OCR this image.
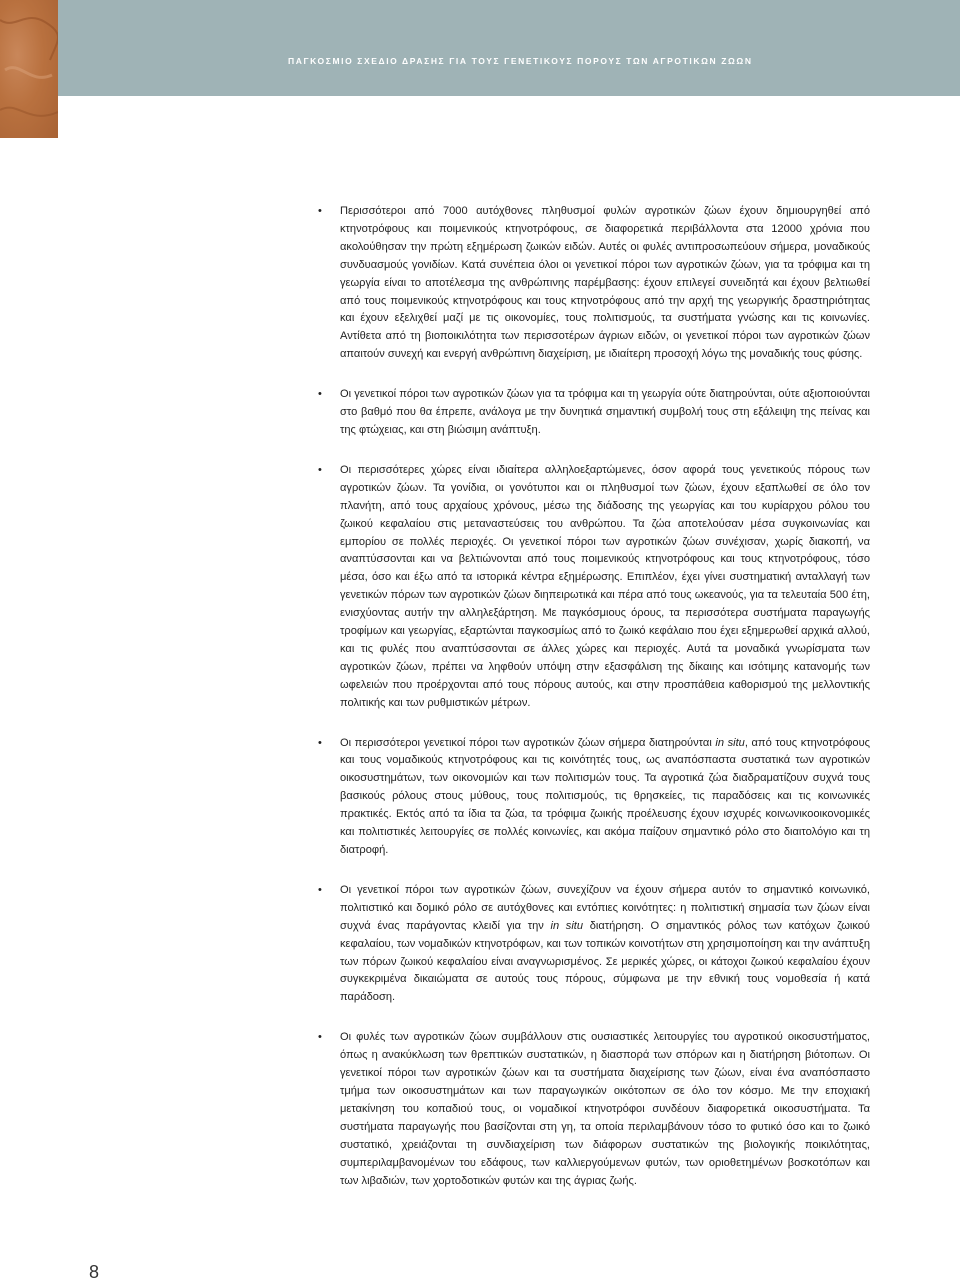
ΠΑΓΚΟΣΜΙΟ ΣΧΕΔΙΟ ΔΡΑΣΗΣ ΓΙΑ ΤΟΥΣ ΓΕΝΕΤΙΚΟΥΣ ΠΟΡΟΥΣ ΤΩΝ ΑΓΡΟΤΙΚΩΝ ΖΩΩΝ
• Περισσότεροι από 7000 αυτόχθονες πληθυσμοί φυλών αγροτικών ζώων έχουν δημιουργηθεί από κτηνοτρόφους και ποιμενικούς κτηνοτρόφους, σε διαφορετικά περιβάλλοντα στα 12000 χρόνια που ακολούθησαν την πρώτη εξημέρωση ζωικών ειδών. Αυτές οι φυλές αντιπροσωπεύουν σήμερα, μοναδικούς συνδυασμούς γονιδίων. Κατά συνέπεια όλοι οι γενετικοί πόροι των αγροτικών ζώων, για τα τρόφιμα και τη γεωργία είναι το αποτέλεσμα της ανθρώπινης παρέμβασης: έχουν επιλεγεί συνειδητά και έχουν βελτιωθεί από τους ποιμενικούς κτηνοτρόφους και τους κτηνοτρόφους από την αρχή της γεωργικής δραστηριότητας και έχουν εξελιχθεί μαζί με τις οικονομίες, τους πολιτισμούς, τα συστήματα γνώσης και τις κοινωνίες. Αντίθετα από τη βιοποικιλότητα των περισσοτέρων άγριων ειδών, οι γενετικοί πόροι των αγροτικών ζώων απαιτούν συνεχή και ενεργή ανθρώπινη διαχείριση, με ιδιαίτερη προσοχή λόγω της μοναδικής τους φύσης.
• Οι γενετικοί πόροι των αγροτικών ζώων για τα τρόφιμα και τη γεωργία ούτε διατηρούνται, ούτε αξιοποιούνται στο βαθμό που θα έπρεπε, ανάλογα με την δυνητικά σημαντική συμβολή τους στη εξάλειψη της πείνας και της φτώχειας, και στη βιώσιμη ανάπτυξη.
• Οι περισσότερες χώρες είναι ιδιαίτερα αλληλοεξαρτώμενες, όσον αφορά τους γενετικούς πόρους των αγροτικών ζώων. Τα γονίδια, οι γονότυποι και οι πληθυσμοί των ζώων, έχουν εξαπλωθεί σε όλο τον πλανήτη, από τους αρχαίους χρόνους, μέσω της διάδοσης της γεωργίας και του κυρίαρχου ρόλου του ζωικού κεφαλαίου στις μεταναστεύσεις του ανθρώπου. Τα ζώα αποτελούσαν μέσα συγκοινωνίας και εμπορίου σε πολλές περιοχές. Οι γενετικοί πόροι των αγροτικών ζώων συνέχισαν, χωρίς διακοπή, να αναπτύσσονται και να βελτιώνονται από τους ποιμενικούς κτηνοτρόφους και τους κτηνοτρόφους, τόσο μέσα, όσο και έξω από τα ιστορικά κέντρα εξημέρωσης. Επιπλέον, έχει γίνει συστηματική ανταλλαγή των γενετικών πόρων των αγροτικών ζώων διηπειρωτικά και πέρα από τους ωκεανούς, για τα τελευταία 500 έτη, ενισχύοντας αυτήν την αλληλεξάρτηση. Με παγκόσμιους όρους, τα περισσότερα συστήματα παραγωγής τροφίμων και γεωργίας, εξαρτώνται παγκοσμίως από το ζωικό κεφάλαιο που έχει εξημερωθεί αρχικά αλλού, και τις φυλές που αναπτύσσονται σε άλλες χώρες και περιοχές. Αυτά τα μοναδικά γνωρίσματα των αγροτικών ζώων, πρέπει να ληφθούν υπόψη στην εξασφάλιση της δίκαιης και ισότιμης κατανομής των ωφελειών που προέρχονται από τους πόρους αυτούς, και στην προσπάθεια καθορισμού της μελλοντικής πολιτικής και των ρυθμιστικών μέτρων.
• Οι περισσότεροι γενετικοί πόροι των αγροτικών ζώων σήμερα διατηρούνται in situ, από τους κτηνοτρόφους και τους νομαδικούς κτηνοτρόφους και τις κοινότητές τους, ως αναπόσπαστα συστατικά των αγροτικών οικοσυστημάτων, των οικονομιών και των πολιτισμών τους. Τα αγροτικά ζώα διαδραματίζουν συχνά τους βασικούς ρόλους στους μύθους, τους πολιτισμούς, τις θρησκείες, τις παραδόσεις και τις κοινωνικές πρακτικές. Εκτός από τα ίδια τα ζώα, τα τρόφιμα ζωικής προέλευσης έχουν ισχυρές κοινωνικοοικονομικές και πολιτιστικές λειτουργίες σε πολλές κοινωνίες, και ακόμα παίζουν σημαντικό ρόλο στο διαιτολόγιο και τη διατροφή.
• Οι γενετικοί πόροι των αγροτικών ζώων, συνεχίζουν να έχουν σήμερα αυτόν το σημαντικό κοινωνικό, πολιτιστικό και δομικό ρόλο σε αυτόχθονες και εντόπιες κοινότητες: η πολιτιστική σημασία των ζώων είναι συχνά ένας παράγοντας κλειδί για την in situ διατήρηση. Ο σημαντικός ρόλος των κατόχων ζωικού κεφαλαίου, των νομαδικών κτηνοτρόφων, και των τοπικών κοινοτήτων στη χρησιμοποίηση και την ανάπτυξη των πόρων ζωικού κεφαλαίου είναι αναγνωρισμένος. Σε μερικές χώρες, οι κάτοχοι ζωικού κεφαλαίου έχουν συγκεκριμένα δικαιώματα σε αυτούς τους πόρους, σύμφωνα με την εθνική τους νομοθεσία ή κατά παράδοση.
• Οι φυλές των αγροτικών ζώων συμβάλλουν στις ουσιαστικές λειτουργίες του αγροτικού οικοσυστήματος, όπως η ανακύκλωση των θρεπτικών συστατικών, η διασπορά των σπόρων και η διατήρηση βιότοπων. Οι γενετικοί πόροι των αγροτικών ζώων και τα συστήματα διαχείρισης των ζώων, είναι ένα αναπόσπαστο τμήμα των οικοσυστημάτων και των παραγωγικών οικότοπων σε όλο τον κόσμο. Με την εποχιακή μετακίνηση του κοπαδιού τους, οι νομαδικοί κτηνοτρόφοι συνδέουν διαφορετικά οικοσυστήματα. Τα συστήματα παραγωγής που βασίζονται στη γη, τα οποία περιλαμβάνουν τόσο το φυτικό όσο και το ζωικό συστατικό, χρειάζονται τη συνδιαχείριση των διάφορων συστατικών της βιολογικής ποικιλότητας, συμπεριλαμβανομένων του εδάφους, των καλλιεργούμενων φυτών, των οριοθετημένων βοσκοτόπων και των λιβαδιών, των χορτοδοτικών φυτών και της άγριας ζωής.
8
